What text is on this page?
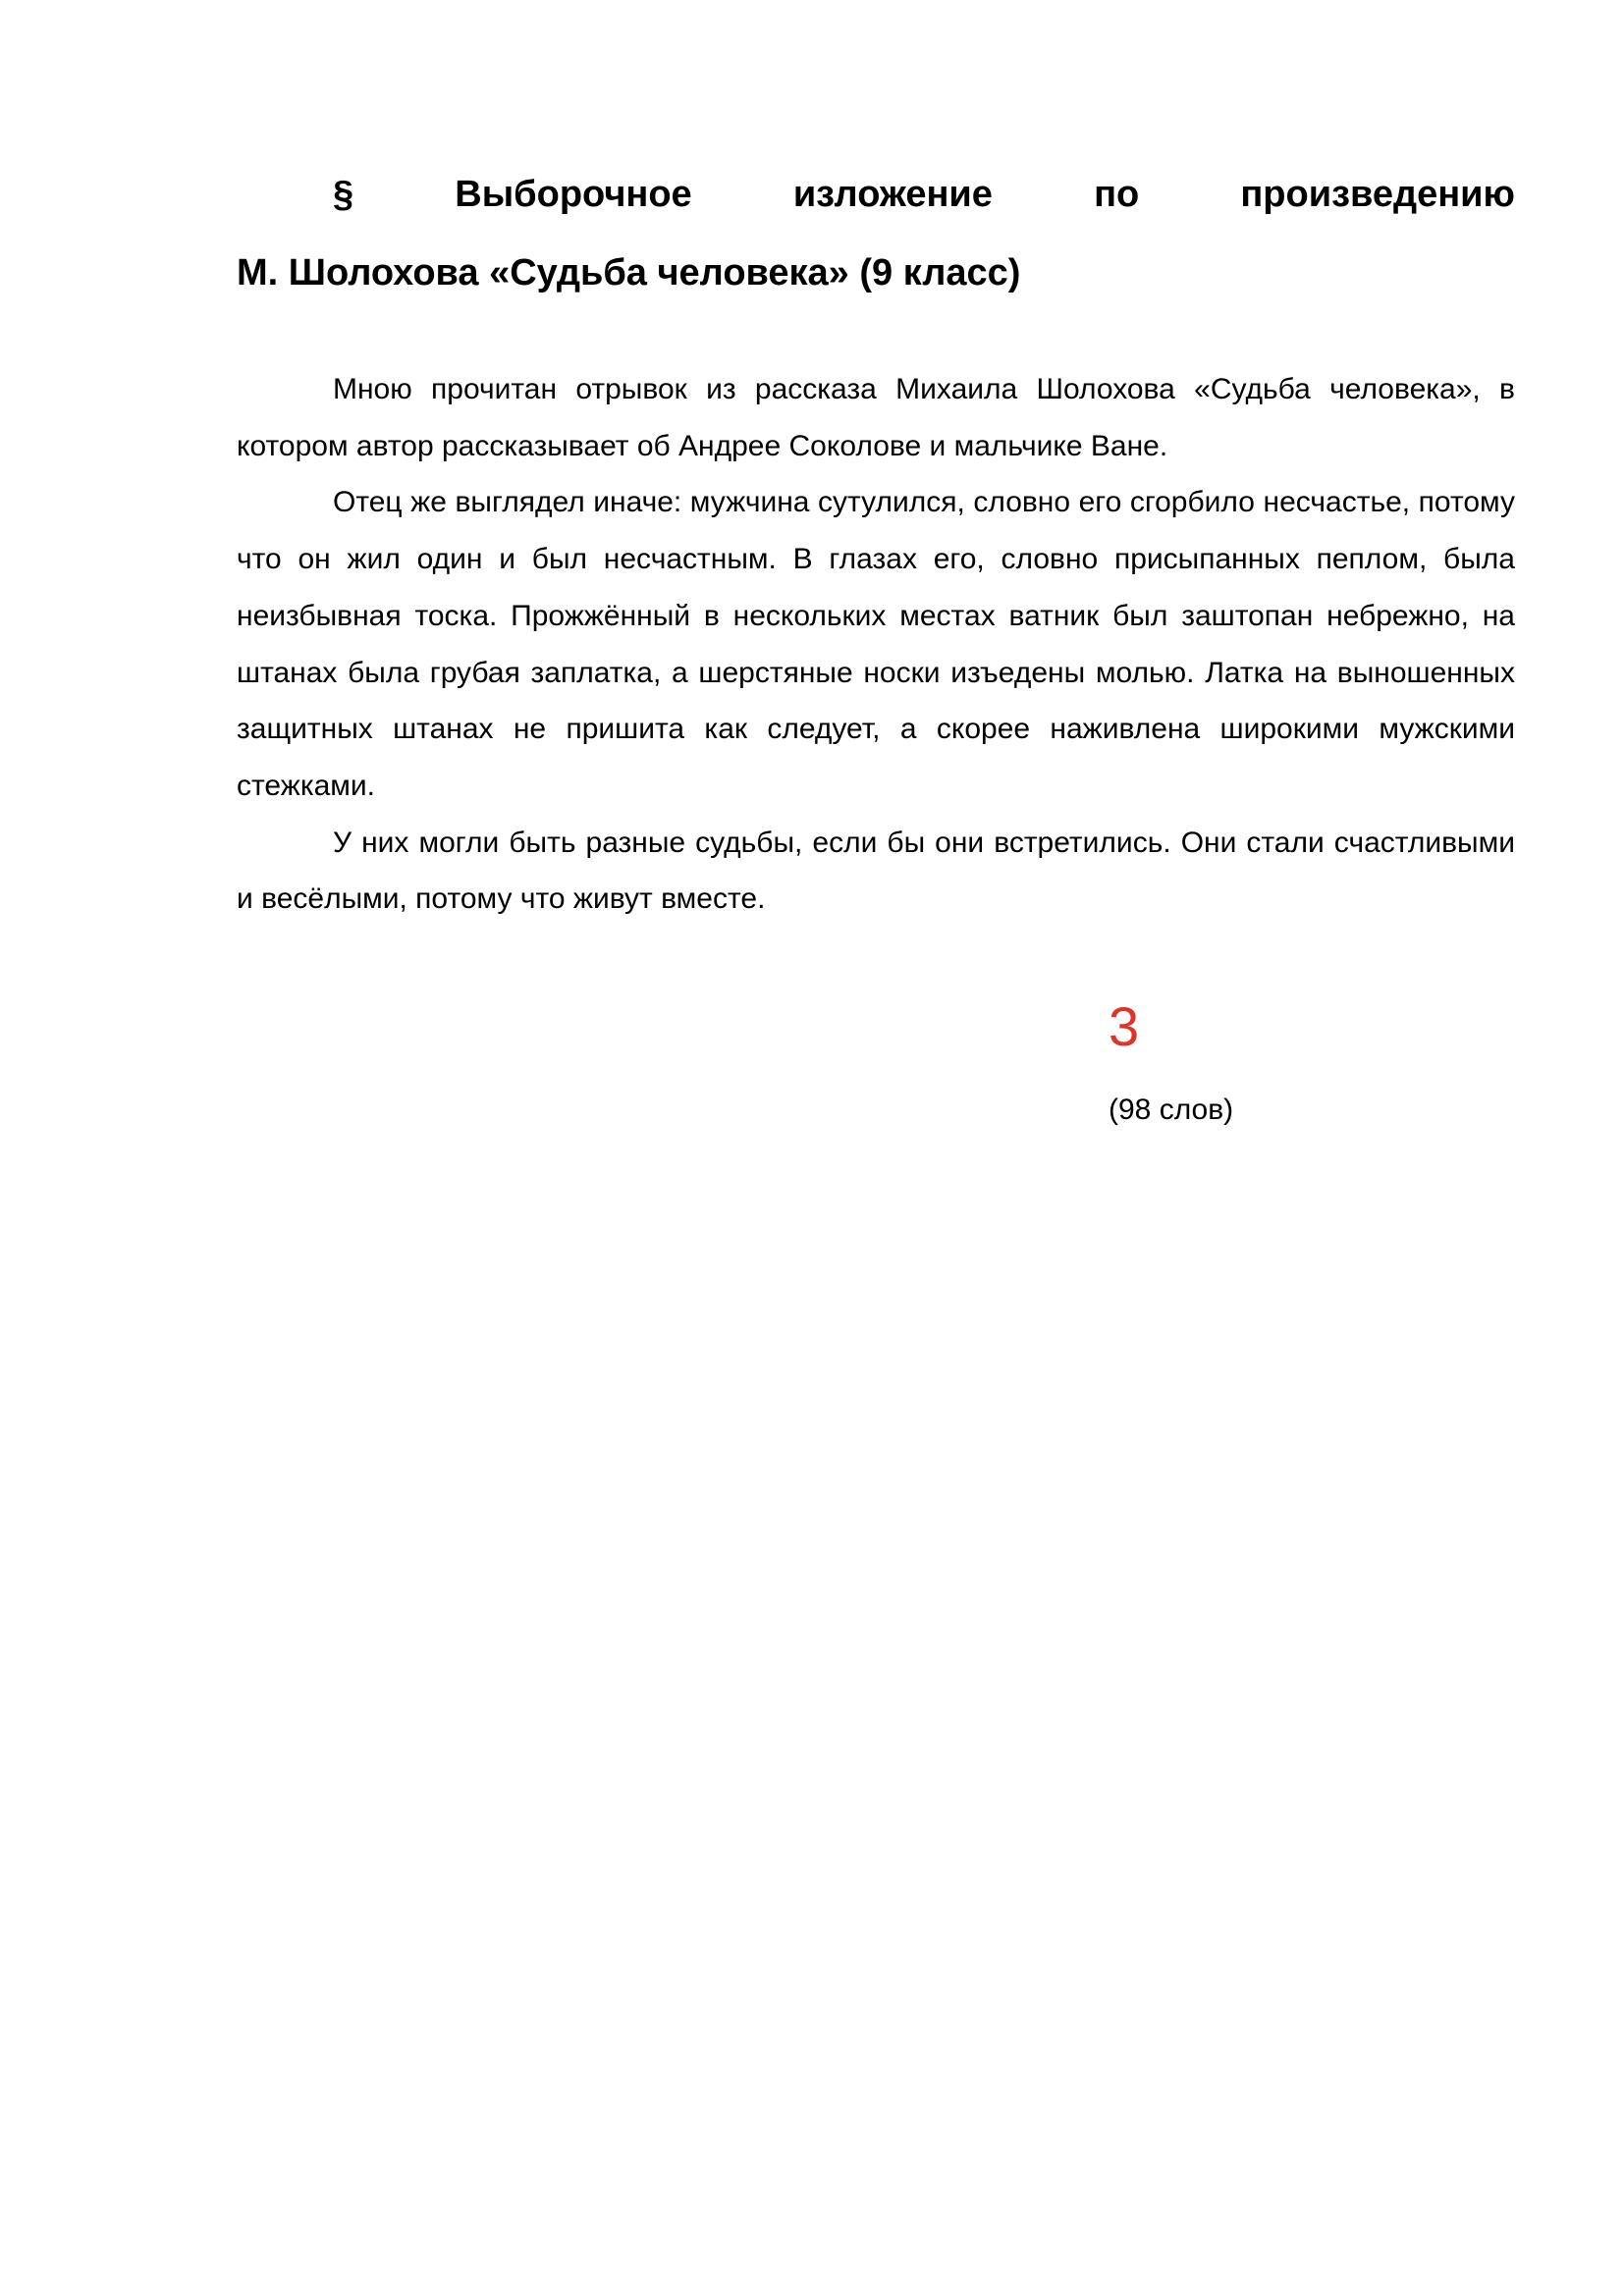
§	Выборочное	изложение	по	произведению
М. Шолохова «Судьба человека» (9 класс)

Мною прочитан отрывок из рассказа Михаила Шолохова «Судьба человека», в котором автор рассказывает об Андрее Соколове и мальчике Ване.

Отец же выглядел иначе: мужчина сутулился, словно его сгорбило несчастье, потому что он жил один и был несчастным. В глазах его, словно присыпанных пеплом, была неизбывная тоска. Прожжённый в нескольких местах ватник был заштопан небрежно, на штанах была грубая заплатка, а шерстяные носки изъедены молью. Латка на выношенных защитных штанах не пришита как следует, а скорее наживлена широкими мужскими стежками.

У них могли быть разные судьбы, если бы они встретились. Они стали счастливыми и весёлыми, потому что живут вместе.

3
(98 слов)
